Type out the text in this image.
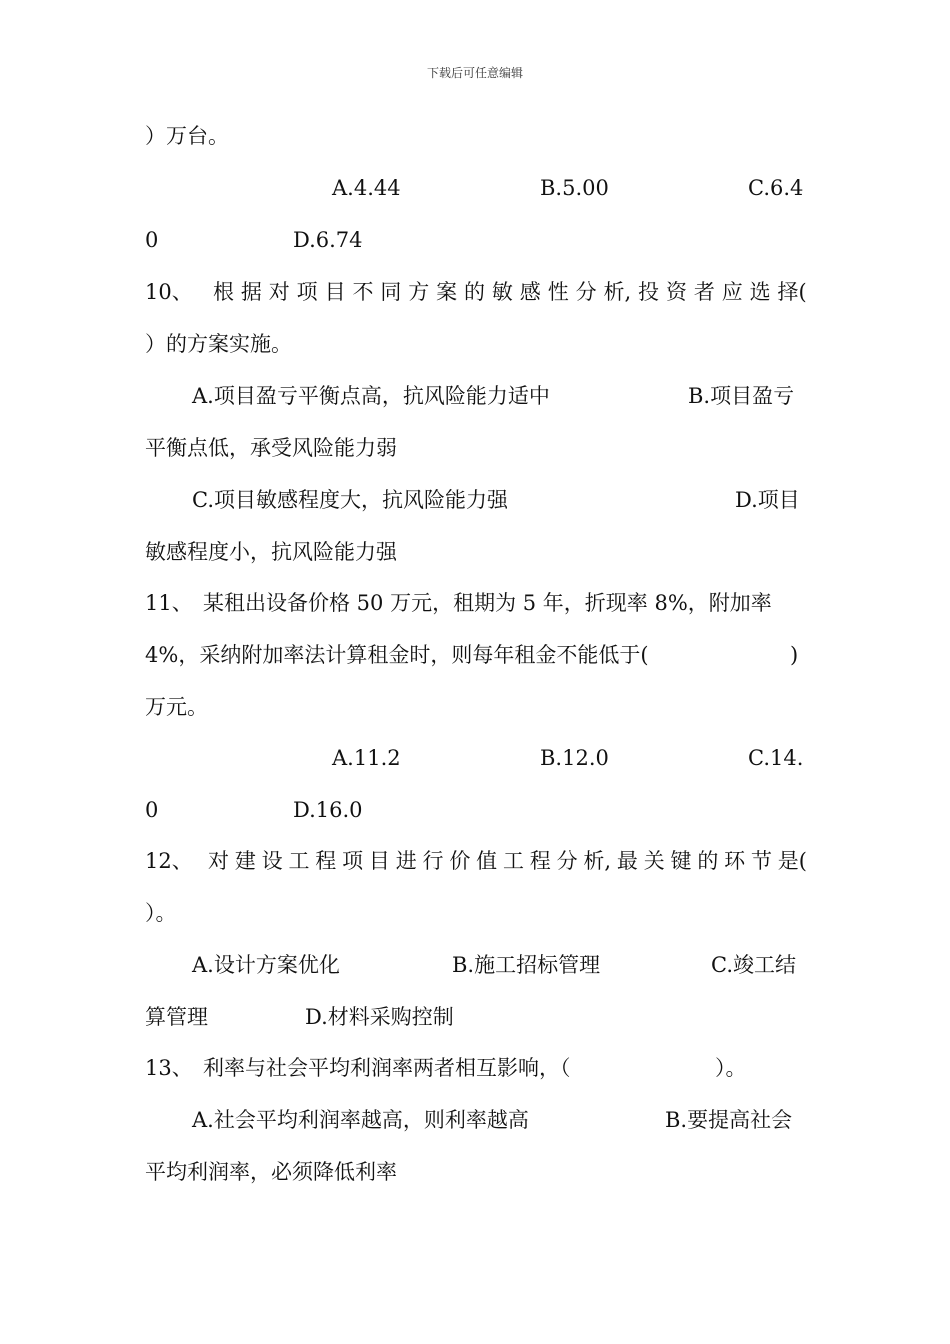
下载后可任意编辑
）万台。
A.4.44	B.5.00	C.6.4
0	D.6.74
10、 根 据 对 项 目 不 同 方 案 的 敏 感 性 分 析, 投 资 者 应 选 择(
）的方案实施。
A.项目盈亏平衡点高，抗风险能力适中	B.项目盈亏
平衡点低，承受风险能力弱
C.项目敏感程度大，抗风险能力强	D.项目
敏感程度小，抗风险能力强
11、 某租出设备价格 50 万元，租期为 5 年，折现率 8%，附加率
4%，采纳附加率法计算租金时，则每年租金不能低于(	)
万元。
A.11.2	B.12.0	C.14.
0	D.16.0
12、 对 建 设 工 程 项 目 进 行 价 值 工 程 分 析, 最 关 键 的 环 节 是(
）。
A.设计方案优化	B.施工招标管理	C.竣工结
算管理	D.材料采购控制
13、 利率与社会平均利润率两者相互影响，（	）。
A.社会平均利润率越高，则利率越高	B.要提高社会
平均利润率，必须降低利率
